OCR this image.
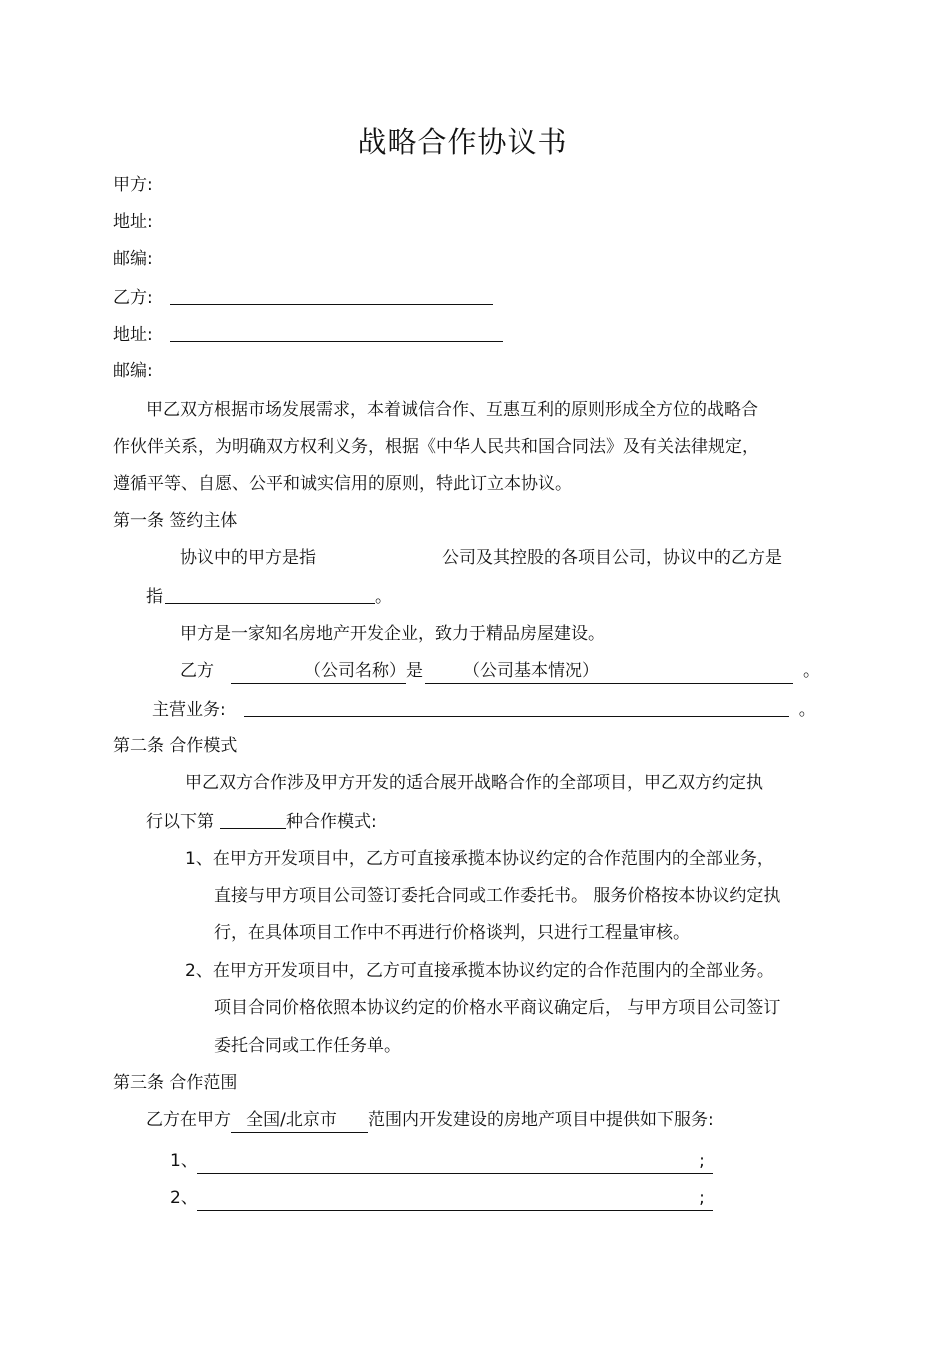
战略合作协议书
甲方:
地址:
邮编:
乙方:
地址:
邮编:
甲乙双方根据市场发展需求，本着诚信合作、互惠互利的原则形成全方位的战略合
作伙伴关系，为明确双方权利义务，根据《中华人民共和国合同法》及有关法律规定，
遵循平等、自愿、公平和诚实信用的原则，特此订立本协议。
第一条 签约主体
协议中的甲方是指	公司及其控股的各项目公司，协议中的乙方是
指	。
甲方是一家知名房地产开发企业，致力于精品房屋建设。
乙方	（公司名称）是 （公司基本情况）	。
主营业务:	。
第二条 合作模式
甲乙双方合作涉及甲方开发的适合展开战略合作的全部项目，甲乙双方约定执
行以下第	种合作模式:
1、在甲方开发项目中，乙方可直接承揽本协议约定的合作范围内的全部业务，
直接与甲方项目公司签订委托合同或工作委托书。 服务价格按本协议约定执
行，在具体项目工作中不再进行价格谈判，只进行工程量审核。
2、在甲方开发项目中，乙方可直接承揽本协议约定的合作范围内的全部业务。
项目合同价格依照本协议约定的价格水平商议确定后， 与甲方项目公司签订
委托合同或工作任务单。
第三条 合作范围
乙方在甲方 全国/北京市 范围内开发建设的房地产项目中提供如下服务:
1、	;
2、	;
